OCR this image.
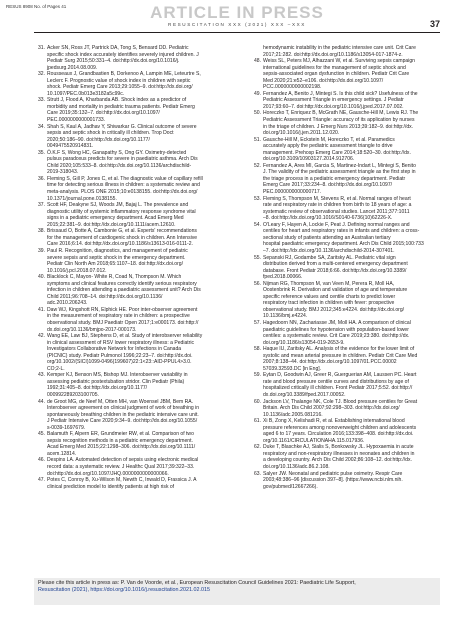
RESUS 8908 No. of Pages 41	ARTICLE IN PRESS
RESUSCITATION XXX (2021) XXX –XXX	37
31. Acker SN, Ross JT, Partrick DA, Tong S, Bensard DD. Pediatric
specific shock index accurately identifies severely injured children. J
Pediatr Surg 2015;50:331–4. doi:http://dx.doi.org/10.1016/j.
jpedsurg.2014.08.009.
32. Rousseaux J, Grandbastien B, Dorkenoo A, Lampin ME, Leteurtre S,
Leclerc F. Prognostic value of shock index in children with septic
shock. Pediatr Emerg Care 2013;29:1055–9. doi:http://dx.doi.org/
10.1097/PEC.0b013e3182a5c99c.
33. Strutt J, Flood A, Kharbanda AB. Shock index as a predictor of
morbidity and mortality in pediatric trauma patients. Pediatr Emerg
Care 2019;35:132–7. doi:http://dx.doi.org/10.1097/
PEC.0000000000001733.
34. Shah S, Kaul A, Jadhav Y, Shiwarkar G. Clinical outcome of severe
sepsis and septic shock in critically ill children. Trop Doct
2020;50:186–90. doi:http://dx.doi.org/10.1177/
0049475520914831.
35. Ö.K.F S, Wong HC, Ganapathy S, Ong GY. Oximetry-detected
pulsus paradoxus predicts for severe in paediatric asthma. Arch Dis
Child 2020;105:533–8. doi:http://dx.doi.org/10.1136/archdischild-
2019-318043.
36. Fleming S, Gill P, Jones C, et al. The diagnostic value of capillary refill
time for detecting serious illness in children: a systematic review and
meta-analysis. PLOS ONE 2015;10:e0138155. doi:http://dx.doi.org/
10.1371/journal.pone.0138155.
37. Scott HF, Deakyne SJ, Woods JM, Bajaj L. The prevalence and
diagnostic utility of systemic inflammatory response syndrome vital
signs in a pediatric emergency department. Acad Emerg Med
2015;22:381–9. doi:http://dx.doi.org/10.1111/acem.12610.
38. Brissaud O, Botte A, Cambonie G, et al. Experts' recommendations
for the management of cardiogenic shock in children. Ann Intensive
Care 2016;6:14. doi:http://dx.doi.org/10.1186/s13613-016-0111-2.
39. Paul R. Recognition, diagnostics, and management of pediatric
severe sepsis and septic shock in the emergency department.
Pediatr Clin North Am 2018;65:1107–18. doi:http://dx.doi.org/
10.1016/j.pcl.2018.07.012.
40. Blacklock C, Mayon- White R, Coad N, Thompson M. Which
symptoms and clinical features correctly identify serious respiratory
infection in children attending a paediatric assessment unit? Arch Dis
Child 2011;96:708–14. doi:http://dx.doi.org/10.1136/
adc.2010.206243.
41. Daw WJ, Kingshott RN, Elphick HE. Poor inter-observer agreement
in the measurement of respiratory rate in children: a prospective
observational study. BMJ Paediatr Open 2017;1:e000173. doi:http://
dx.doi.org/10.1136/bmjpo-2017-000173.
42. Wang EE, Law BJ, Stephens D, et al. Study of interobserver reliability
in clinical assessment of RSV lower respiratory illness: a Pediatric
Investigators Collaborative Network for Infections in Canada
(PICNIC) study. Pediatr Pulmonol 1996;22:23–7. doi:http://dx.doi.
org/10.1002/(SICI)1099-0496(199607)22:1<23::AID-PPUL4>3.0.
CO;2-L.
43. Kemper KJ, Benson MS, Bishop MJ. Interobserver variability in
assessing pediatric postextubation stridor. Clin Pediatr (Phila)
1992;31:405–8. doi:http://dx.doi.org/10.1177/
000992289203100705.
44. de Groot MG, de Neef M, Otten MH, van Woensel JBM, Bem RA.
Interobserver agreement on clinical judgment of work of breathing in
spontaneously breathing children in the pediatric intensive care unit.
J Pediatr Intensive Care 2020;9:34–9. doi:http://dx.doi.org/10.1055/
s-0039-1697679.
45. Balamuth F, Alpern ER, Grundmeier RW, et al. Comparison of two
sepsis recognition methods in a pediatric emergency department.
Acad Emerg Med 2015;22:1298–306. doi:http://dx.doi.org/10.1111/
acem.12814.
46. Despins LA. Automated detection of sepsis using electronic medical
record data: a systematic review. J Healthc Qual 2017;39:322–33.
doi:http://dx.doi.org/10.1097/JHQ.0000000000000066.
47. Potes C, Conroy B, Xu-Wilson M, Newth C, Inwald D, Frassica J. A
clinical prediction model to identify patients at high risk of
hemodynamic instability in the pediatric intensive care unit. Crit Care
2017;21:282. doi:http://dx.doi.org/10.1186/s13054-017-1874-z.
48. Weiss SL, Peters MJ, Alhazzani W, et al. Surviving sepsis campaign
international guidelines for the management of septic shock and
sepsis-associated organ dysfunction in children. Pediatr Crit Care
Med 2020;21:e52–e106. doi:http://dx.doi.org/10.1097/
PCC.0000000000002198.
49. Fernandez A, Benito J, Mintegi S. Is this child sick? Usefulness of the
Pediatric Assessment Triangle in emergency settings. J Pediatr
2017;93:60–7. doi:http://dx.doi.org/10.1016/j.jped.2017.07.002.
50. Horeczko T, Enriquez B, McGrath NE, Gausche-Hill M, Lewis RJ. The
Pediatric Assessment Triangle: accuracy of its application by nurses
in the triage of children. J Emerg Nurs 2013;39:182–9. doi:http://dx.
doi.org/10.1016/j.jen.2011.12.020.
51. Gausche-Hill M, Eckstein M, Horeczko T, et al. Paramedics
accurately apply the pediatric assessment triangle to drive
management. Prehosp Emerg Care 2014;18:520–30. doi:http://dx.
doi.org/10.3109/10903127.2014.912706.
52. Fernandez A, Ares MI, Garcia S, Martinez-Indart L, Mintegi S, Benito
J. The validity of the pediatric assessment triangle as the first step in
the triage process in a pediatric emergency department. Pediatr
Emerg Care 2017;33:234–8. doi:http://dx.doi.org/10.1097/
PEC.0000000000000717.
53. Fleming S, Thompson M, Stevens R, et al. Normal ranges of heart
rate and respiratory rate in children from birth to 18 years of age: a
systematic review of observational studies. Lancet 2011;377:1011
–8. doi:http://dx.doi.org/10.1016/S0140-6736(10)62226-X.
54. O'Leary F, Hayen A, Lockie F, Peat J. Defining normal ranges and
centiles for heart and respiratory rates in infants and children: a cross-
sectional study of patients attending an Australian tertiary
hospital paediatric emergency department. Arch Dis Child 2015;100:733
–7. doi:http://dx.doi.org/10.1136/archdischild-2014-307401.
55. Sepanski RJ, Godambe SA, Zaritsky AL. Pediatric vital sign
distribution derived from a multi-centered emergency department
database. Front Pediatr 2018;6:66. doi:http://dx.doi.org/10.3389/
fped.2018.00066.
56. Nijman RG, Thompson M, van Veen M, Perera R, Moll HA,
Oostenbrink R. Derivation and validation of age and temperature
specific reference values and centile charts to predict lower
respiratory tract infection in children with fever: prospective
observational study. BMJ 2012;345:e4224. doi:http://dx.doi.org/
10.1136/bmj.e4224.
57. Hagedoorn NN, Zachariasse JM, Moll HA. A comparison of clinical
paediatric guidelines for hypotension with population-based lower
centiles: a systematic review. Crit Care 2019;23:380. doi:http://dx.
doi.org/10.1186/s13054-019-2653-9.
58. Haque IU, Zaritsky AL. Analysis of the evidence for the lower limit of
systolic and mean arterial pressure in children. Pediatr Crit Care Med
2007;8:138–44. doi:http://dx.doi.org/10.1097/01.PCC.00002
57039.32593.DC [in Eng].
59. Eytan D, Goodwin AJ, Greer R, Guerguerian AM, Laussen PC. Heart
rate and blood pressure centile curves and distributions by age of
hospitalized critically ill children. Front Pediatr 2017;5:52. doi:http://
dx.doi.org/10.3389/fped.2017.00052.
60. Jackson LV, Thalange NK, Cole TJ. Blood pressure centiles for Great
Britain. Arch Dis Child 2007;92:298–303. doi:http://dx.doi.org/
10.1136/adc.2005.081216.
61. Xi B, Zong X, Kelishadi R, et al. Establishing international blood
pressure references among nonoverweight children and adolescents
aged 6 to 17 years. Circulation 2016;133:398–408. doi:http://dx.doi.
org/10.1161/CIRCULATIONAHA.115.017936.
62. Duke T, Blaschke AJ, Sialis S, Bonkowsky JL. Hypoxaemia in acute
respiratory and non-respiratory illnesses in neonates and children in
a developing country. Arch Dis Child 2002;86:108–12. doi:http://dx.
doi.org/10.1136/adc.86.2.108.
63. Salyer JW. Neonatal and pediatric pulse oximetry. Respir Care
2003;48:386–96 [discussion 397–8]. (https://www.ncbi.nlm.nih.
gov/pubmed/12667266).
Please cite this article in press as: P. Van de Voorde, et al., European Resuscitation Council Guidelines 2021: Paediatric Life Support,
Resuscitation (2021), https://doi.org/10.1016/j.resuscitation.2021.02.015
